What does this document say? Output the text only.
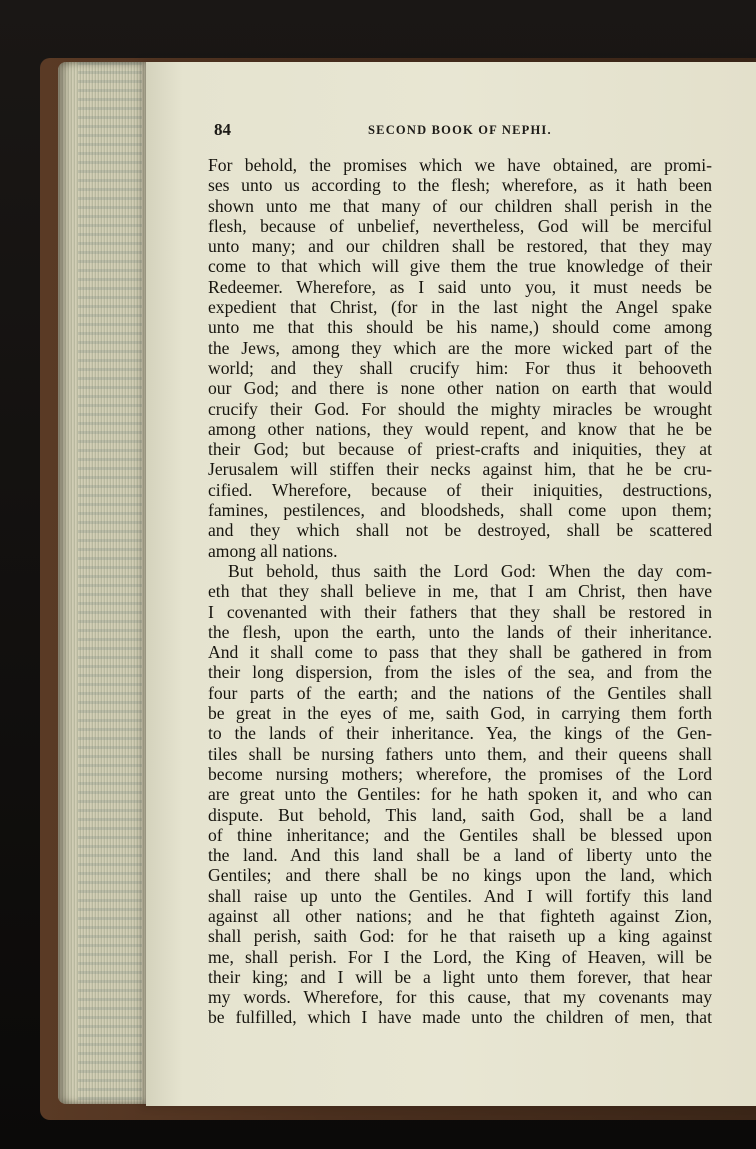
84	SECOND BOOK OF NEPHI.
For behold, the promises which we have obtained, are promi-
ses unto us according to the flesh; wherefore, as it hath been
shown unto me that many of our children shall perish in the
flesh, because of unbelief, nevertheless, God will be merciful
unto many; and our children shall be restored, that they may
come to that which will give them the true knowledge of their
Redeemer. Wherefore, as I said unto you, it must needs be
expedient that Christ, (for in the last night the Angel spake
unto me that this should be his name,) should come among
the Jews, among they which are the more wicked part of the
world; and they shall crucify him: For thus it behooveth
our God; and there is none other nation on earth that would
crucify their God. For should the mighty miracles be wrought
among other nations, they would repent, and know that he be
their God; but because of priest-crafts and iniquities, they at
Jerusalem will stiffen their necks against him, that he be cru-
cified. Wherefore, because of their iniquities, destructions,
famines, pestilences, and bloodsheds, shall come upon them;
and they which shall not be destroyed, shall be scattered
among all nations.
But behold, thus saith the Lord God: When the day com-
eth that they shall believe in me, that I am Christ, then have
I covenanted with their fathers that they shall be restored in
the flesh, upon the earth, unto the lands of their inheritance.
And it shall come to pass that they shall be gathered in from
their long dispersion, from the isles of the sea, and from the
four parts of the earth; and the nations of the Gentiles shall
be great in the eyes of me, saith God, in carrying them forth
to the lands of their inheritance. Yea, the kings of the Gen-
tiles shall be nursing fathers unto them, and their queens shall
become nursing mothers; wherefore, the promises of the Lord
are great unto the Gentiles: for he hath spoken it, and who can
dispute. But behold, This land, saith God, shall be a land
of thine inheritance; and the Gentiles shall be blessed upon
the land. And this land shall be a land of liberty unto the
Gentiles; and there shall be no kings upon the land, which
shall raise up unto the Gentiles. And I will fortify this land
against all other nations; and he that fighteth against Zion,
shall perish, saith God: for he that raiseth up a king against
me, shall perish. For I the Lord, the King of Heaven, will be
their king; and I will be a light unto them forever, that hear
my words. Wherefore, for this cause, that my covenants may
be fulfilled, which I have made unto the children of men, that
